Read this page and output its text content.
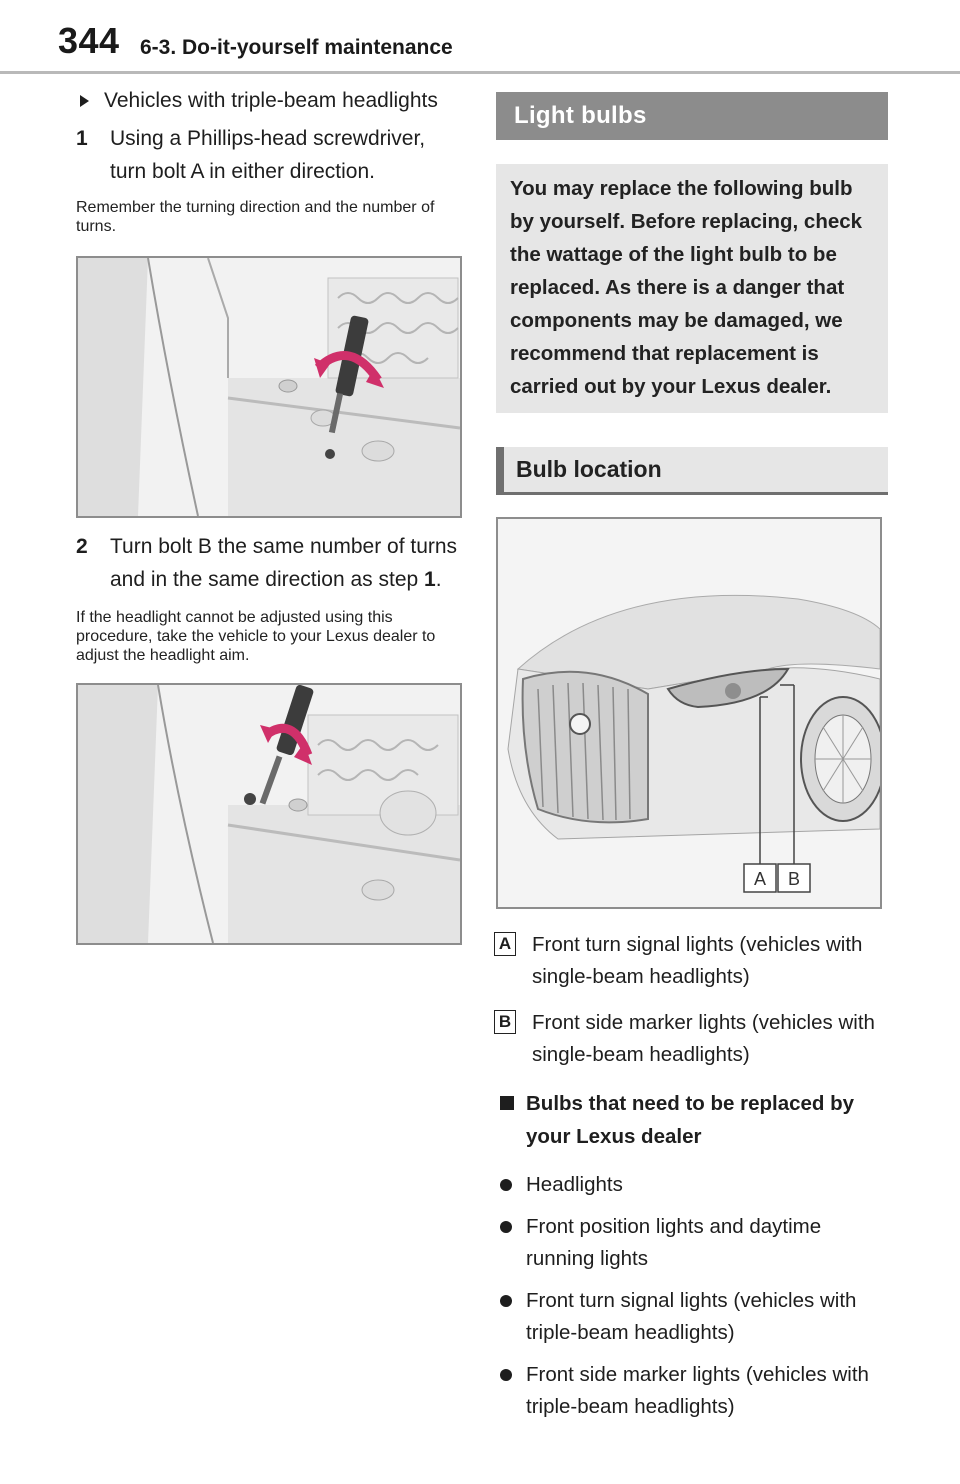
344 6-3. Do-it-yourself maintenance
Vehicles with triple-beam headlights
1 Using a Phillips-head screwdriver, turn bolt A in either direction.
Remember the turning direction and the number of turns.
2 Turn bolt B the same number of turns and in the same direction as step 1.
If the headlight cannot be adjusted using this procedure, take the vehicle to your Lexus dealer to adjust the headlight aim.
Light bulbs
You may replace the following bulb by yourself. Before replacing, check the wattage of the light bulb to be replaced. As there is a danger that components may be damaged, we recommend that replacement is carried out by your Lexus dealer.
Bulb location
A B
A Front turn signal lights (vehicles with single-beam headlights)
B Front side marker lights (vehicles with single-beam headlights)
Bulbs that need to be replaced by your Lexus dealer
Headlights
Front position lights and daytime running lights
Front turn signal lights (vehicles with triple-beam headlights)
Front side marker lights (vehicles with triple-beam headlights)
